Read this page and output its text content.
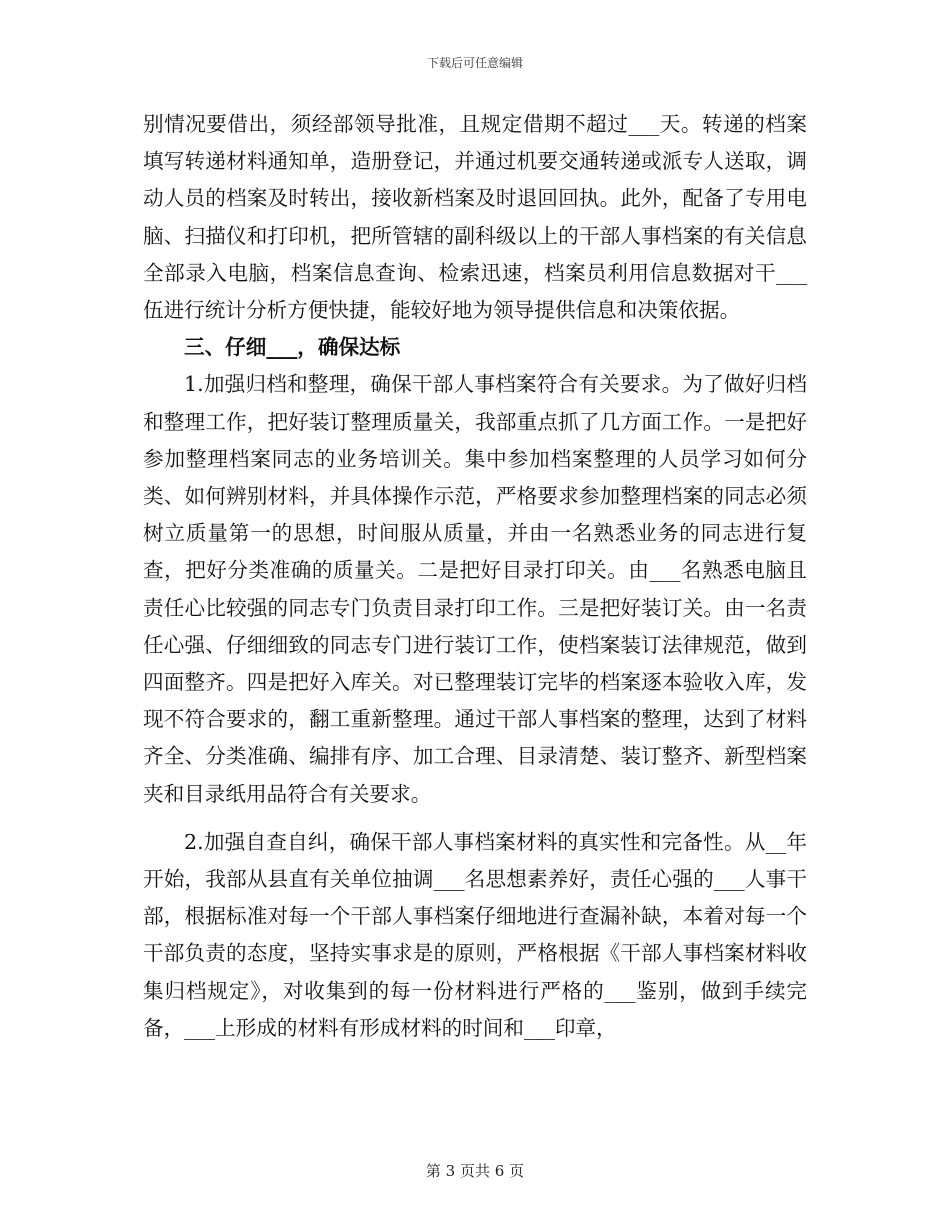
下载后可任意编辑

别情况要借出，须经部领导批准，且规定借期不超过___天。转递的档案填写转递材料通知单，造册登记，并通过机要交通转递或派专人送取，调动人员的档案及时转出，接收新档案及时退回回执。此外，配备了专用电脑、扫描仪和打印机，把所管辖的副科级以上的干部人事档案的有关信息全部录入电脑，档案信息查询、检索迅速，档案员利用信息数据对干___伍进行统计分析方便快捷，能较好地为领导提供信息和决策依据。

三、仔细___，确保达标

1.加强归档和整理，确保干部人事档案符合有关要求。为了做好归档和整理工作，把好装订整理质量关，我部重点抓了几方面工作。一是把好参加整理档案同志的业务培训关。集中参加档案整理的人员学习如何分类、如何辨别材料，并具体操作示范，严格要求参加整理档案的同志必须树立质量第一的思想，时间服从质量，并由一名熟悉业务的同志进行复查，把好分类准确的质量关。二是把好目录打印关。由___名熟悉电脑且责任心比较强的同志专门负责目录打印工作。三是把好装订关。由一名责任心强、仔细细致的同志专门进行装订工作，使档案装订法律规范，做到四面整齐。四是把好入库关。对已整理装订完毕的档案逐本验收入库，发现不符合要求的，翻工重新整理。通过干部人事档案的整理，达到了材料齐全、分类准确、编排有序、加工合理、目录清楚、装订整齐、新型档案夹和目录纸用品符合有关要求。

2.加强自查自纠，确保干部人事档案材料的真实性和完备性。从__年开始，我部从县直有关单位抽调___名思想素养好，责任心强的___人事干部，根据标准对每一个干部人事档案仔细地进行查漏补缺，本着对每一个干部负责的态度，坚持实事求是的原则，严格根据《干部人事档案材料收集归档规定》，对收集到的每一份材料进行严格的___鉴别，做到手续完备，___上形成的材料有形成材料的时间和___印章，

第 3 页共 6 页
